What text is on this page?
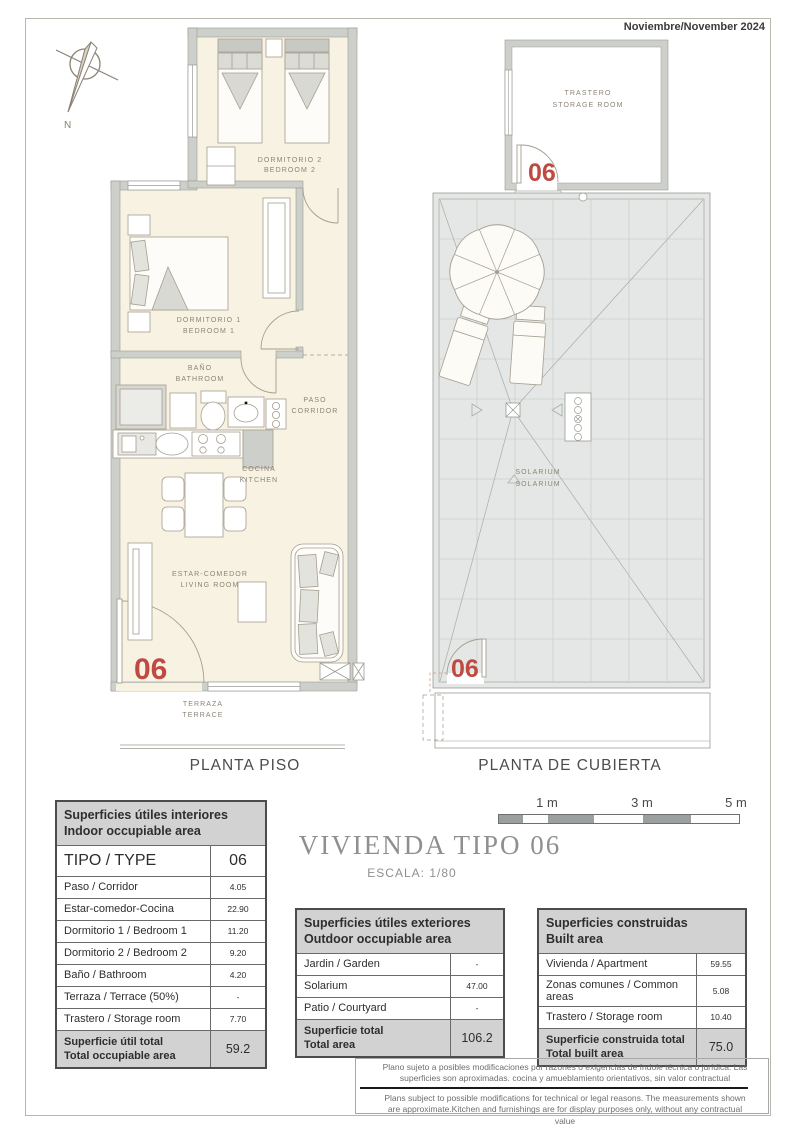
Noviembre/November 2024
N
DORMITORIO 2
BEDROOM 2
DORMITORIO 1
BEDROOM 1
BAÑO
BATHROOM
PASO
CORRIDOR
COCINA
KITCHEN
ESTAR-COMEDOR
LIVING ROOM
TERRAZA
TERRACE
06
TRASTERO
STORAGE ROOM
06
SOLARIUM
SOLARIUM
06
PLANTA PISO	PLANTA DE CUBIERTA
1 m	3 m	5 m
VIVIENDA TIPO 06
ESCALA: 1/80
Superficies útiles interiores
Indoor occupiable area	

TIPO / TYPE	06
Paso / Corridor	4.05
Estar-comedor-Cocina	22.90
Dormitorio 1 / Bedroom 1	11.20
Dormitorio 2 / Bedroom 2	9.20
Baño / Bathroom	4.20
Terraza / Terrace (50%)	-
Trastero / Storage room	7.70

Superficie útil total
Total occupiable area	59.2
Superficies útiles exteriores
Outdoor occupiable area	

Jardin / Garden	-
Solarium	47.00
Patio / Courtyard	-

Superficie total
Total area	106.2
Superficies construidas
Built area	

Vivienda / Apartment	59.55
Zonas comunes / Common areas	5.08
Trastero / Storage room	10.40

Superficie construida total
Total built area	75.0
Plano sujeto a posibles modificaciones por razones o exigencias de índole técnica o jurídica. Las superficies son aproximadas. cocina y amueblamiento orientativos, sin valor contractual
Plans subject to possible modifications for technical or legal reasons. The measurements shown are approximate.Kitchen and furnishings are for display purposes only, without any contractual value
